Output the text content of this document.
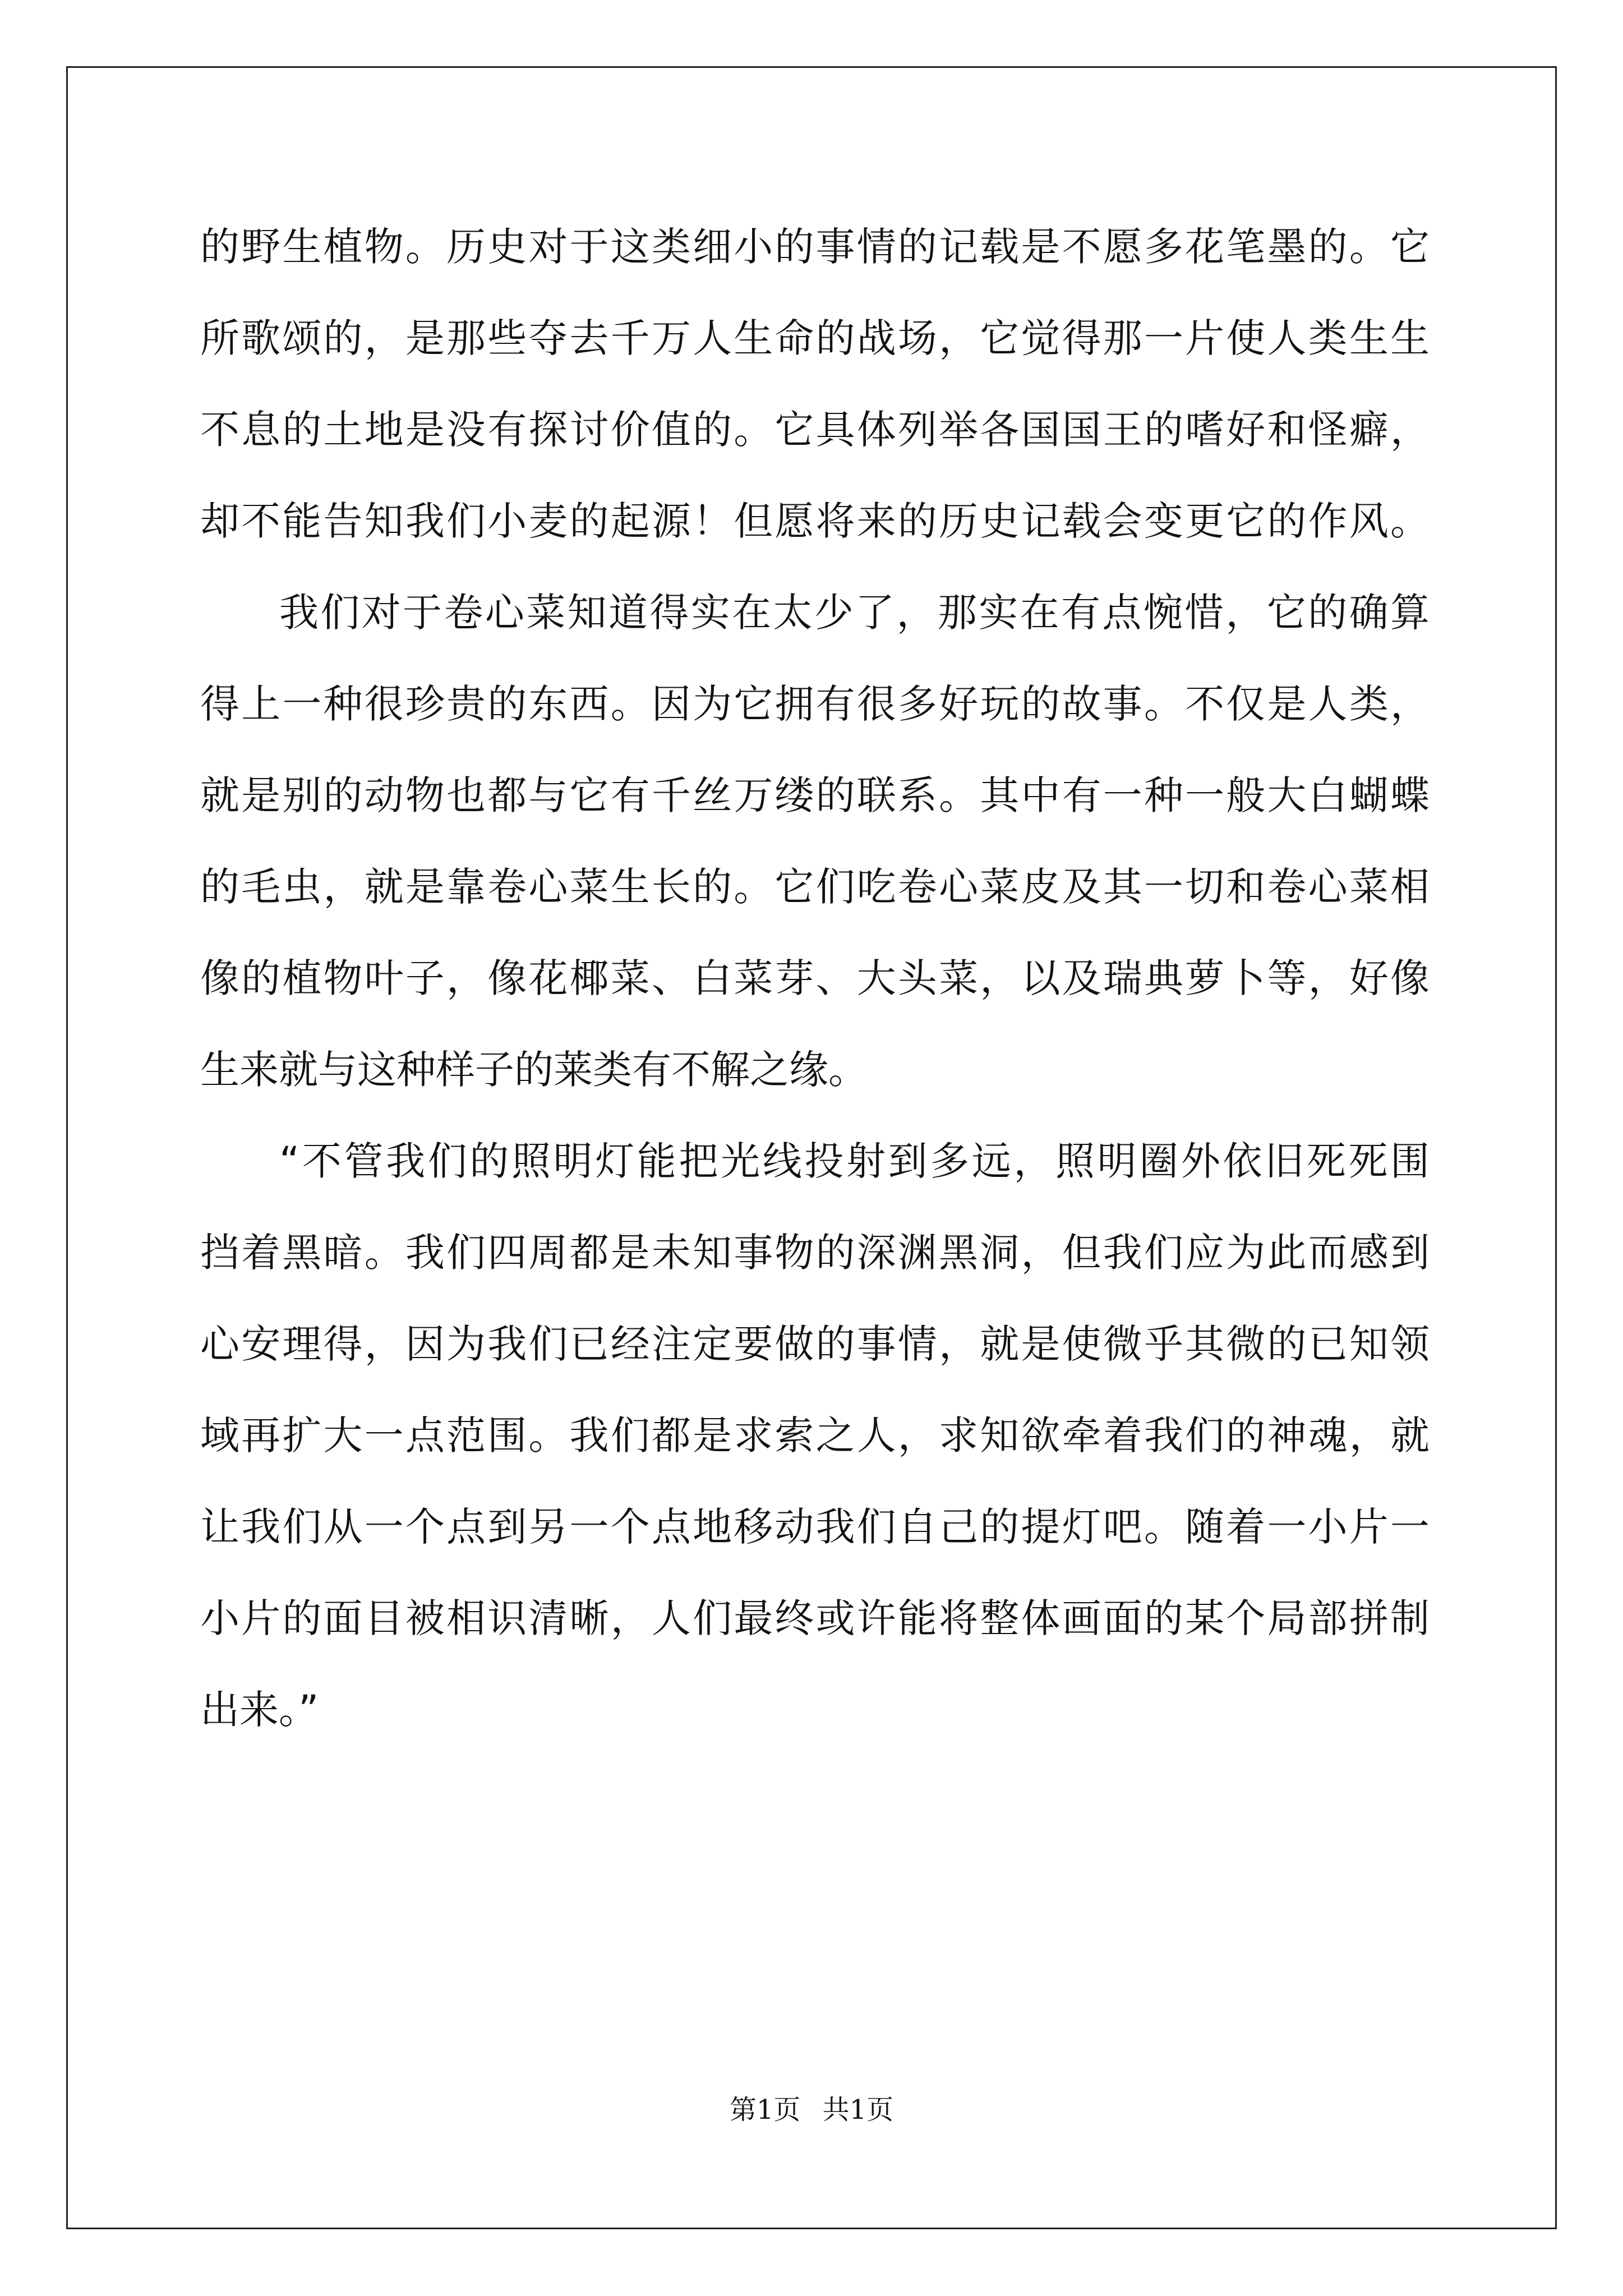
的野生植物。历史对于这类细小的事情的记载是不愿多花笔墨的。它
所歌颂的，是那些夺去千万人生命的战场，它觉得那一片使人类生生
不息的土地是没有探讨价值的。它具体列举各国国王的嗜好和怪癖，
却不能告知我们小麦的起源！但愿将来的历史记载会变更它的作风。
我们对于卷心菜知道得实在太少了，那实在有点惋惜，它的确算
得上一种很珍贵的东西。因为它拥有很多好玩的故事。不仅是人类，
就是别的动物也都与它有千丝万缕的联系。其中有一种一般大白蝴蝶
的毛虫，就是靠卷心菜生长的。它们吃卷心菜皮及其一切和卷心菜相
像的植物叶子，像花椰菜、白菜芽、大头菜，以及瑞典萝卜等，好像
生来就与这种样子的莱类有不解之缘。
“不管我们的照明灯能把光线投射到多远，照明圈外依旧死死围
挡着黑暗。我们四周都是未知事物的深渊黑洞，但我们应为此而感到
心安理得，因为我们已经注定要做的事情，就是使微乎其微的已知领
域再扩大一点范围。我们都是求索之人，求知欲牵着我们的神魂，就
让我们从一个点到另一个点地移动我们自己的提灯吧。随着一小片一
小片的面目被相识清晰，人们最终或许能将整体画面的某个局部拼制
出来。”
第1页 共1页
